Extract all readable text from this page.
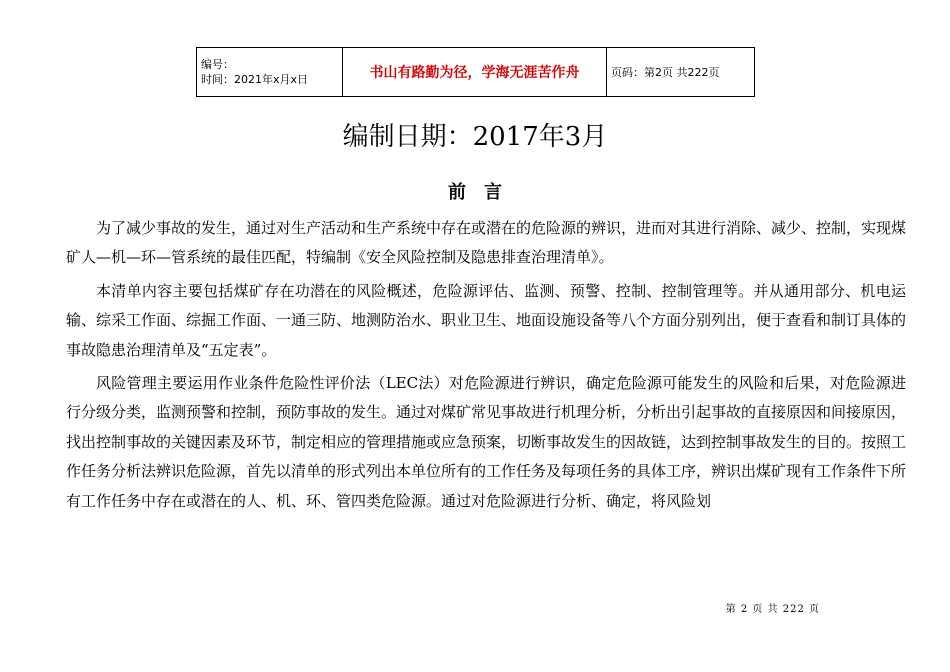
编号：
时间：2021年x月x日	书山有路勤为径，学海无涯苦作舟	页码：第2页 共222页
编制日期：2017年3月
前言

为了减少事故的发生，通过对生产活动和生产系统中存在或潜在的危险源的辨识，进而对其进行消除、减少、控制，实现煤矿人—机—环—管系统的最佳匹配，特编制《安全风险控制及隐患排查治理清单》。

本清单内容主要包括煤矿存在功潜在的风险概述，危险源评估、监测、预警、控制、控制管理等。并从通用部分、机电运输、综采工作面、综掘工作面、一通三防、地测防治水、职业卫生、地面设施设备等八个方面分别列出，便于查看和制订具体的事故隐患治理清单及“五定表”。

风险管理主要运用作业条件危险性评价法（LEC法）对危险源进行辨识，确定危险源可能发生的风险和后果，对危险源进行分级分类，监测预警和控制，预防事故的发生。通过对煤矿常见事故进行机理分析，分析出引起事故的直接原因和间接原因，找出控制事故的关键因素及环节，制定相应的管理措施或应急预案，切断事故发生的因故链，达到控制事故发生的目的。按照工作任务分析法辨识危险源，首先以清单的形式列出本单位所有的工作任务及每项任务的具体工序，辨识出煤矿现有工作条件下所有工作任务中存在或潜在的人、机、环、管四类危险源。通过对危险源进行分析、确定，将风险划

第 2 页 共 222 页
